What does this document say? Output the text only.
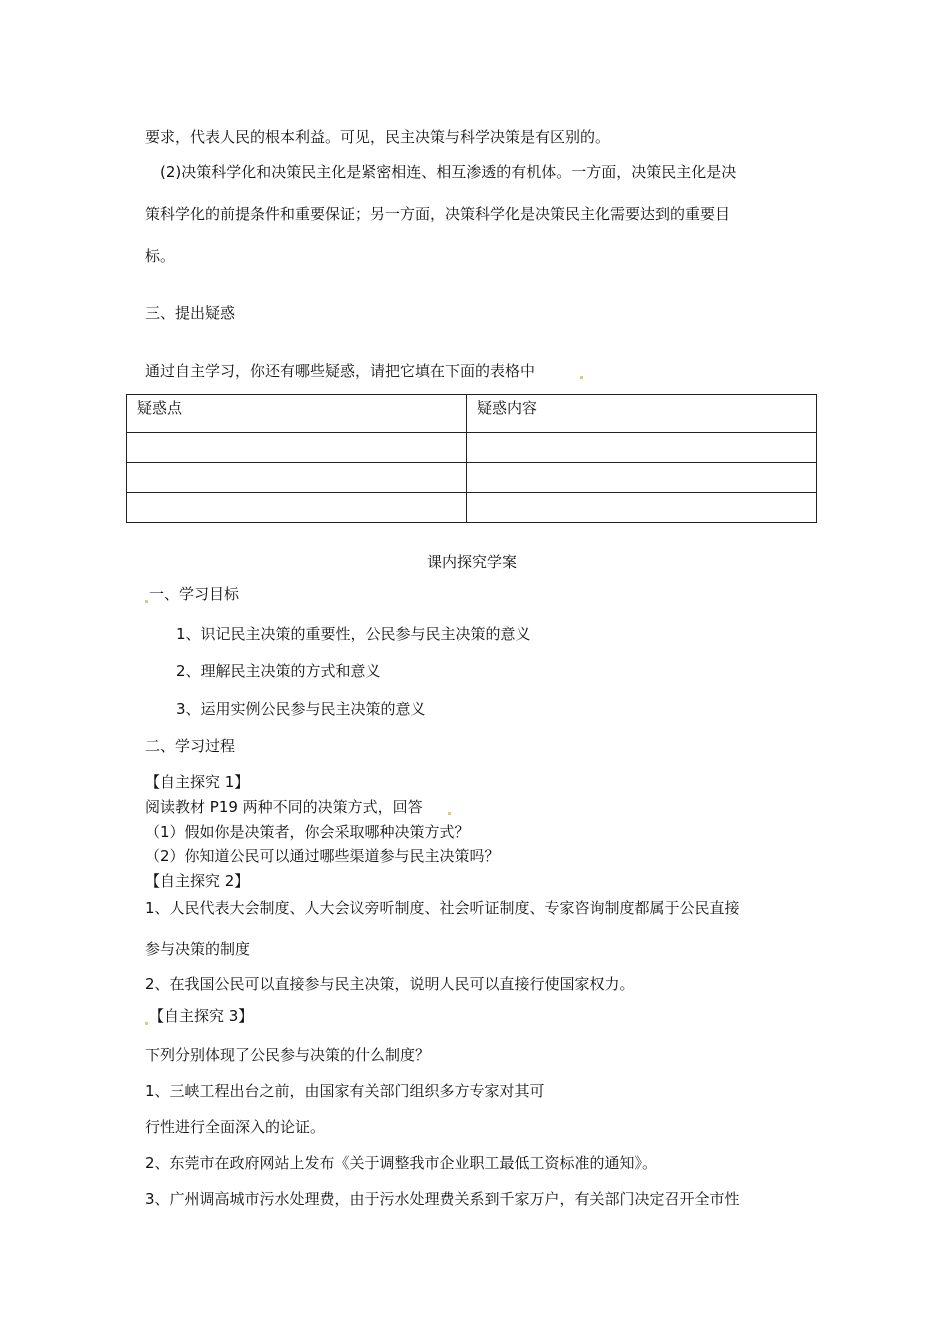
要求，代表人民的根本利益。可见，民主决策与科学决策是有区别的。
(2)决策科学化和决策民主化是紧密相连、相互渗透的有机体。一方面，决策民主化是决
策科学化的前提条件和重要保证；另一方面，决策科学化是决策民主化需要达到的重要目
标。
三、提出疑惑
通过自主学习，你还有哪些疑惑，请把它填在下面的表格中
疑惑点	疑惑内容

课内探究学案
一、学习目标
1、识记民主决策的重要性，公民参与民主决策的意义
2、理解民主决策的方式和意义
3、运用实例公民参与民主决策的意义
二、学习过程
【自主探究 1】
阅读教材 P19 两种不同的决策方式，回答
（1）假如你是决策者，你会采取哪种决策方式？
（2）你知道公民可以通过哪些渠道参与民主决策吗？
【自主探究 2】
1、人民代表大会制度、人大会议旁听制度、社会听证制度、专家咨询制度都属于公民直接
参与决策的制度
2、在我国公民可以直接参与民主决策，说明人民可以直接行使国家权力。
【自主探究 3】
下列分别体现了公民参与决策的什么制度？
1、三峡工程出台之前，由国家有关部门组织多方专家对其可
行性进行全面深入的论证。
2、东莞市在政府网站上发布《关于调整我市企业职工最低工资标准的通知》。
3、广州调高城市污水处理费，由于污水处理费关系到千家万户，有关部门决定召开全市性
